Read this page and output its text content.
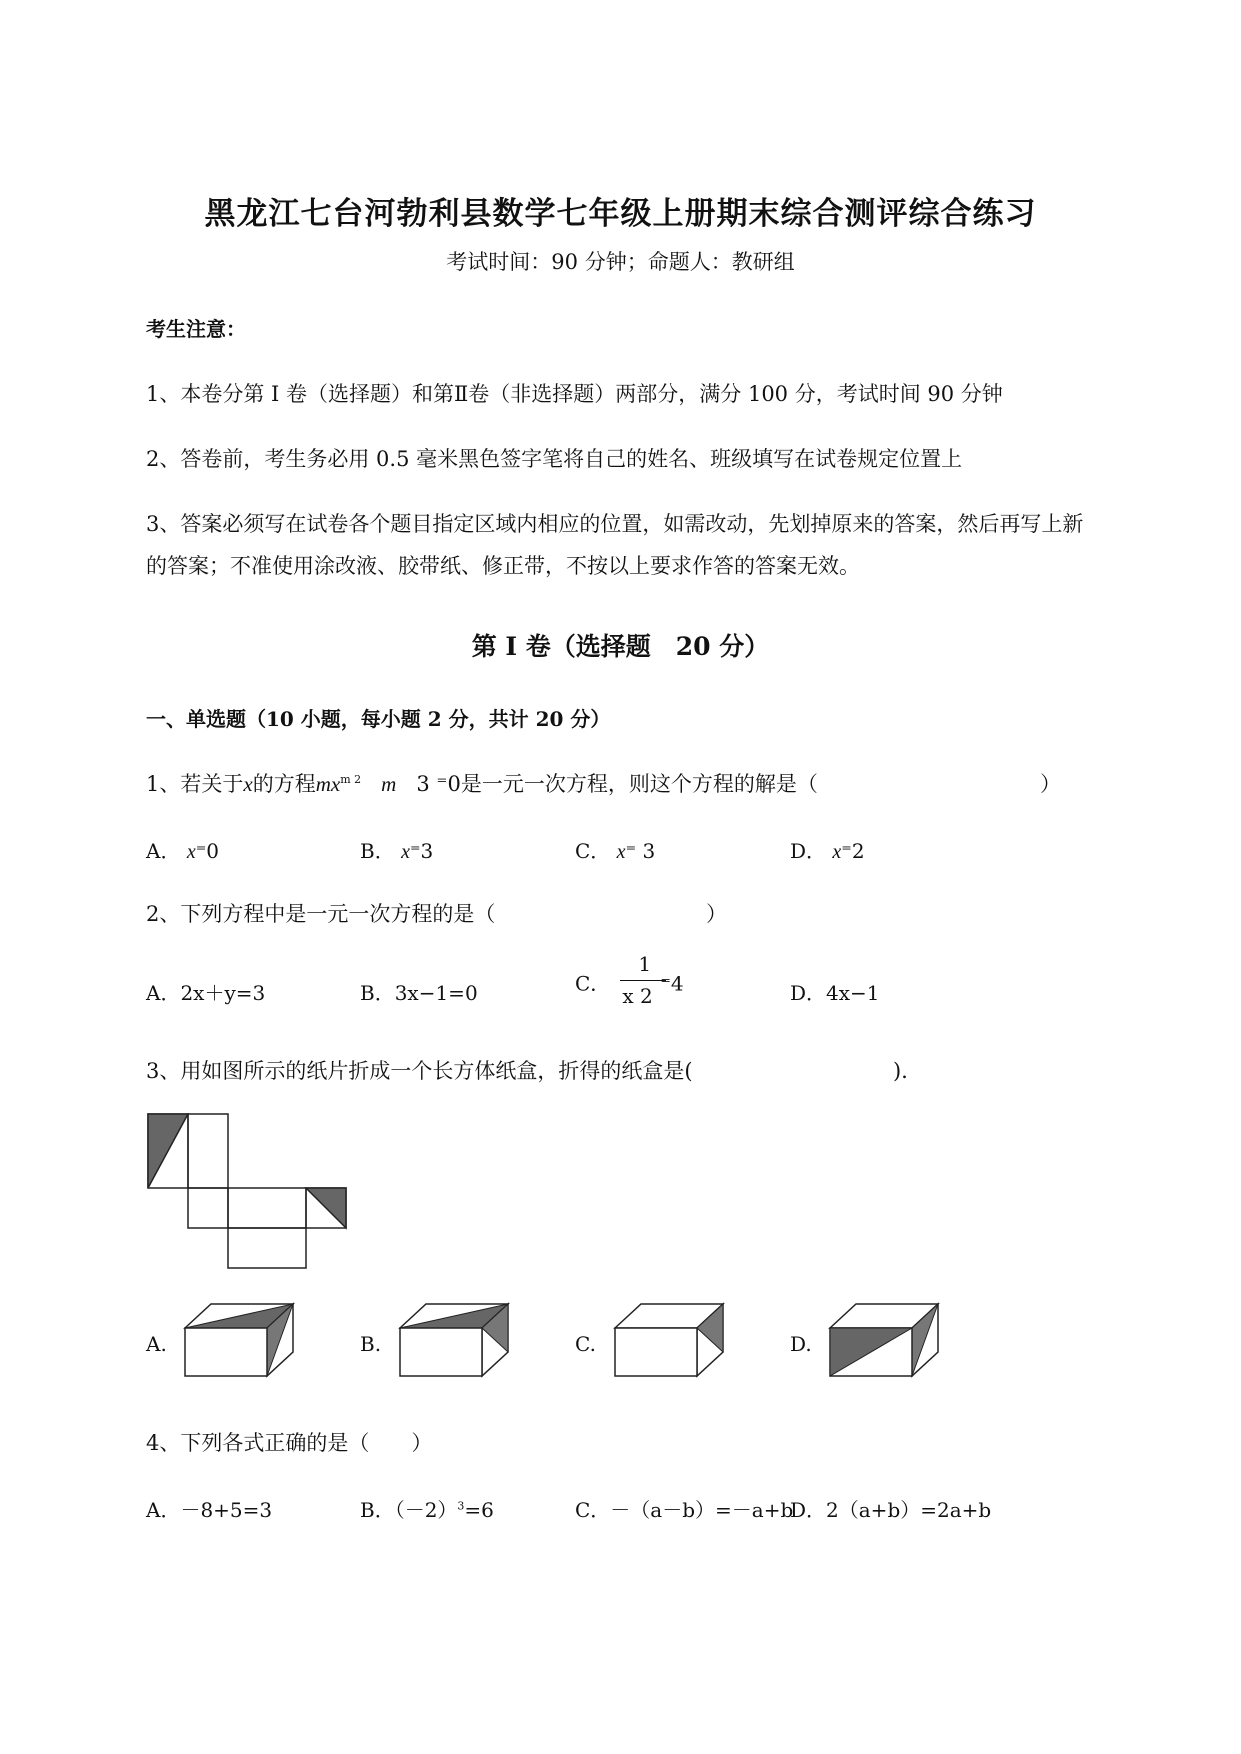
黑龙江七台河勃利县数学七年级上册期末综合测评综合练习
考试时间：90 分钟；命题人：教研组
考生注意：
1、本卷分第 I 卷（选择题）和第Ⅱ卷（非选择题）两部分，满分 100 分，考试时间 90 分钟
2、答卷前，考生务必用 0.5 毫米黑色签字笔将自己的姓名、班级填写在试卷规定位置上
3、答案必须写在试卷各个题目指定区域内相应的位置，如需改动，先划掉原来的答案，然后再写上新
的答案；不准使用涂改液、胶带纸、修正带，不按以上要求作答的答案无效。
第 I 卷（选择题　20 分）
一、单选题（10 小题，每小题 2 分，共计 20 分）
1、若关于x的方程$mx^{m 2}$ m 3 ⁼0是一元一次方程，则这个方程的解是（	）
A． x⁼0	B． x⁼3	C． x⁼ 3	D． x⁼2
2、下列方程中是一元一次方程的是（	）
A．2x＋y=3	B．3x−1=0	C． $\frac{1}{x 2} ^=4$	D．4x−1
3、用如图所示的纸片折成一个长方体纸盒，折得的纸盒是(	)．
A.	B.	C.	D.
4、下列各式正确的是（　　）
A．－8+5=3	B．$(-2)^3=6$	C．－（a－b）=－a+b
D．2（a+b）=2a+b
